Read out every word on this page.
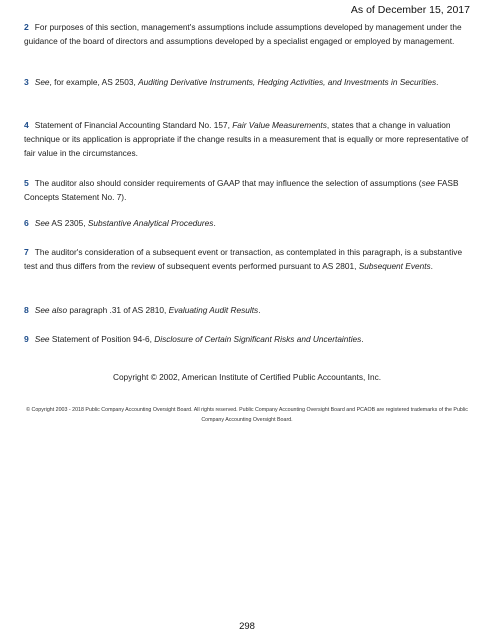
As of December 15, 2017
2 For purposes of this section, management's assumptions include assumptions developed by management under the guidance of the board of directors and assumptions developed by a specialist engaged or employed by management.
3 See, for example, AS 2503, Auditing Derivative Instruments, Hedging Activities, and Investments in Securities.
4 Statement of Financial Accounting Standard No. 157, Fair Value Measurements, states that a change in valuation technique or its application is appropriate if the change results in a measurement that is equally or more representative of fair value in the circumstances.
5 The auditor also should consider requirements of GAAP that may influence the selection of assumptions (see FASB Concepts Statement No. 7).
6 See AS 2305, Substantive Analytical Procedures.
7 The auditor's consideration of a subsequent event or transaction, as contemplated in this paragraph, is a substantive test and thus differs from the review of subsequent events performed pursuant to AS 2801, Subsequent Events.
8 See also paragraph .31 of AS 2810, Evaluating Audit Results.
9 See Statement of Position 94-6, Disclosure of Certain Significant Risks and Uncertainties.
Copyright © 2002, American Institute of Certified Public Accountants, Inc.
© Copyright 2003 - 2018 Public Company Accounting Oversight Board. All rights reserved. Public Company Accounting Oversight Board and PCAOB are registered trademarks of the Public Company Accounting Oversight Board.
298
